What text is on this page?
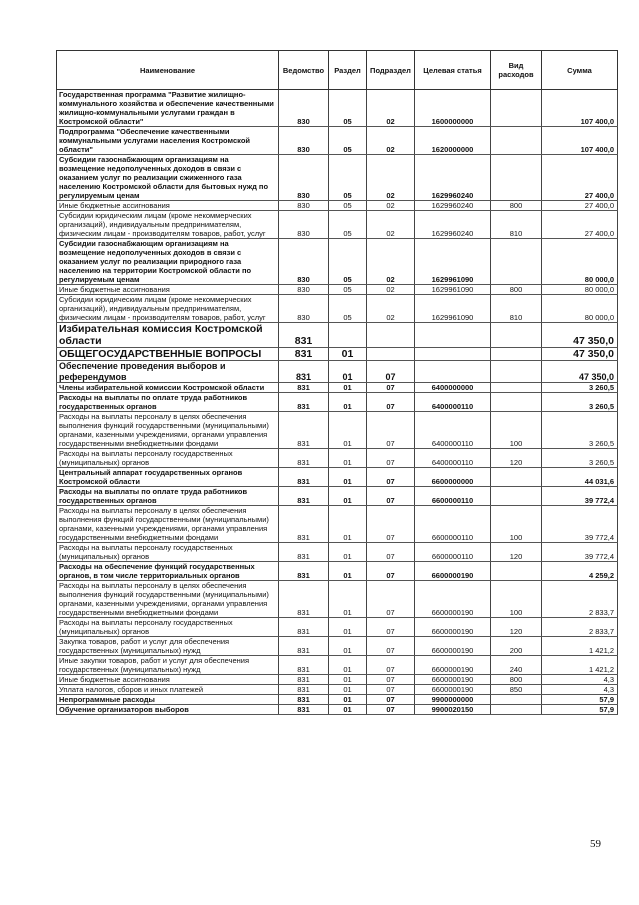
Наименование	Ведомство	Раздел	Подраздел	Целевая статья	Вид расходов	Сумма
Государственная программа "Развитие жилищно-коммунального хозяйства и обеспечение качественными жилищно-коммунальными услугами граждан в Костромской области"	830	05	02	1600000000		107 400,0
Подпрограмма "Обеспечение качественными коммунальными услугами населения Костромской области"	830	05	02	1620000000		107 400,0
Субсидии газоснабжающим организациям на возмещение недополученных доходов в связи с оказанием услуг по реализации сжиженного газа населению Костромской области для бытовых нужд по регулируемым ценам	830	05	02	1629960240		27 400,0
Иные бюджетные ассигнования	830	05	02	1629960240	800	27 400,0
Субсидии юридическим лицам (кроме некоммерческих организаций), индивидуальным предпринимателям, физическим лицам - производителям товаров, работ, услуг	830	05	02	1629960240	810	27 400,0
Субсидии газоснабжающим организациям на возмещение недополученных доходов в связи с оказанием услуг по реализации природного газа населению на территории Костромской области по регулируемым ценам	830	05	02	1629961090		80 000,0
Иные бюджетные ассигнования	830	05	02	1629961090	800	80 000,0
Субсидии юридическим лицам (кроме некоммерческих организаций), индивидуальным предпринимателям, физическим лицам - производителям товаров, работ, услуг	830	05	02	1629961090	810	80 000,0
Избирательная комиссия Костромской области	831					47 350,0
ОБЩЕГОСУДАРСТВЕННЫЕ ВОПРОСЫ	831	01				47 350,0
Обеспечение проведения выборов и референдумов	831	01	07			47 350,0
Члены избирательной комиссии Костромской области	831	01	07	6400000000		3 260,5
Расходы на выплаты по оплате труда работников государственных органов	831	01	07	6400000110		3 260,5
Расходы на выплаты персоналу в целях обеспечения выполнения функций государственными (муниципальными) органами, казенными учреждениями, органами управления государственными внебюджетными фондами	831	01	07	6400000110	100	3 260,5
Расходы на выплаты персоналу государственных (муниципальных) органов	831	01	07	6400000110	120	3 260,5
Центральный аппарат государственных органов Костромской области	831	01	07	6600000000		44 031,6
Расходы на выплаты по оплате труда работников государственных органов	831	01	07	6600000110		39 772,4
Расходы на выплаты персоналу в целях обеспечения выполнения функций государственными (муниципальными) органами, казенными учреждениями, органами управления государственными внебюджетными фондами	831	01	07	6600000110	100	39 772,4
Расходы на выплаты персоналу государственных (муниципальных) органов	831	01	07	6600000110	120	39 772,4
Расходы на обеспечение функций государственных органов, в том числе территориальных органов	831	01	07	6600000190		4 259,2
Расходы на выплаты персоналу в целях обеспечения выполнения функций государственными (муниципальными) органами, казенными учреждениями, органами управления государственными внебюджетными фондами	831	01	07	6600000190	100	2 833,7
Расходы на выплаты персоналу государственных (муниципальных) органов	831	01	07	6600000190	120	2 833,7
Закупка товаров, работ и услуг для обеспечения государственных (муниципальных) нужд	831	01	07	6600000190	200	1 421,2
Иные закупки товаров, работ и услуг для обеспечения государственных (муниципальных) нужд	831	01	07	6600000190	240	1 421,2
Иные бюджетные ассигнования	831	01	07	6600000190	800	4,3
Уплата налогов, сборов и иных платежей	831	01	07	6600000190	850	4,3
Непрограммные расходы	831	01	07	9900000000		57,9
Обучение организаторов выборов	831	01	07	9900020150		57,9
59
